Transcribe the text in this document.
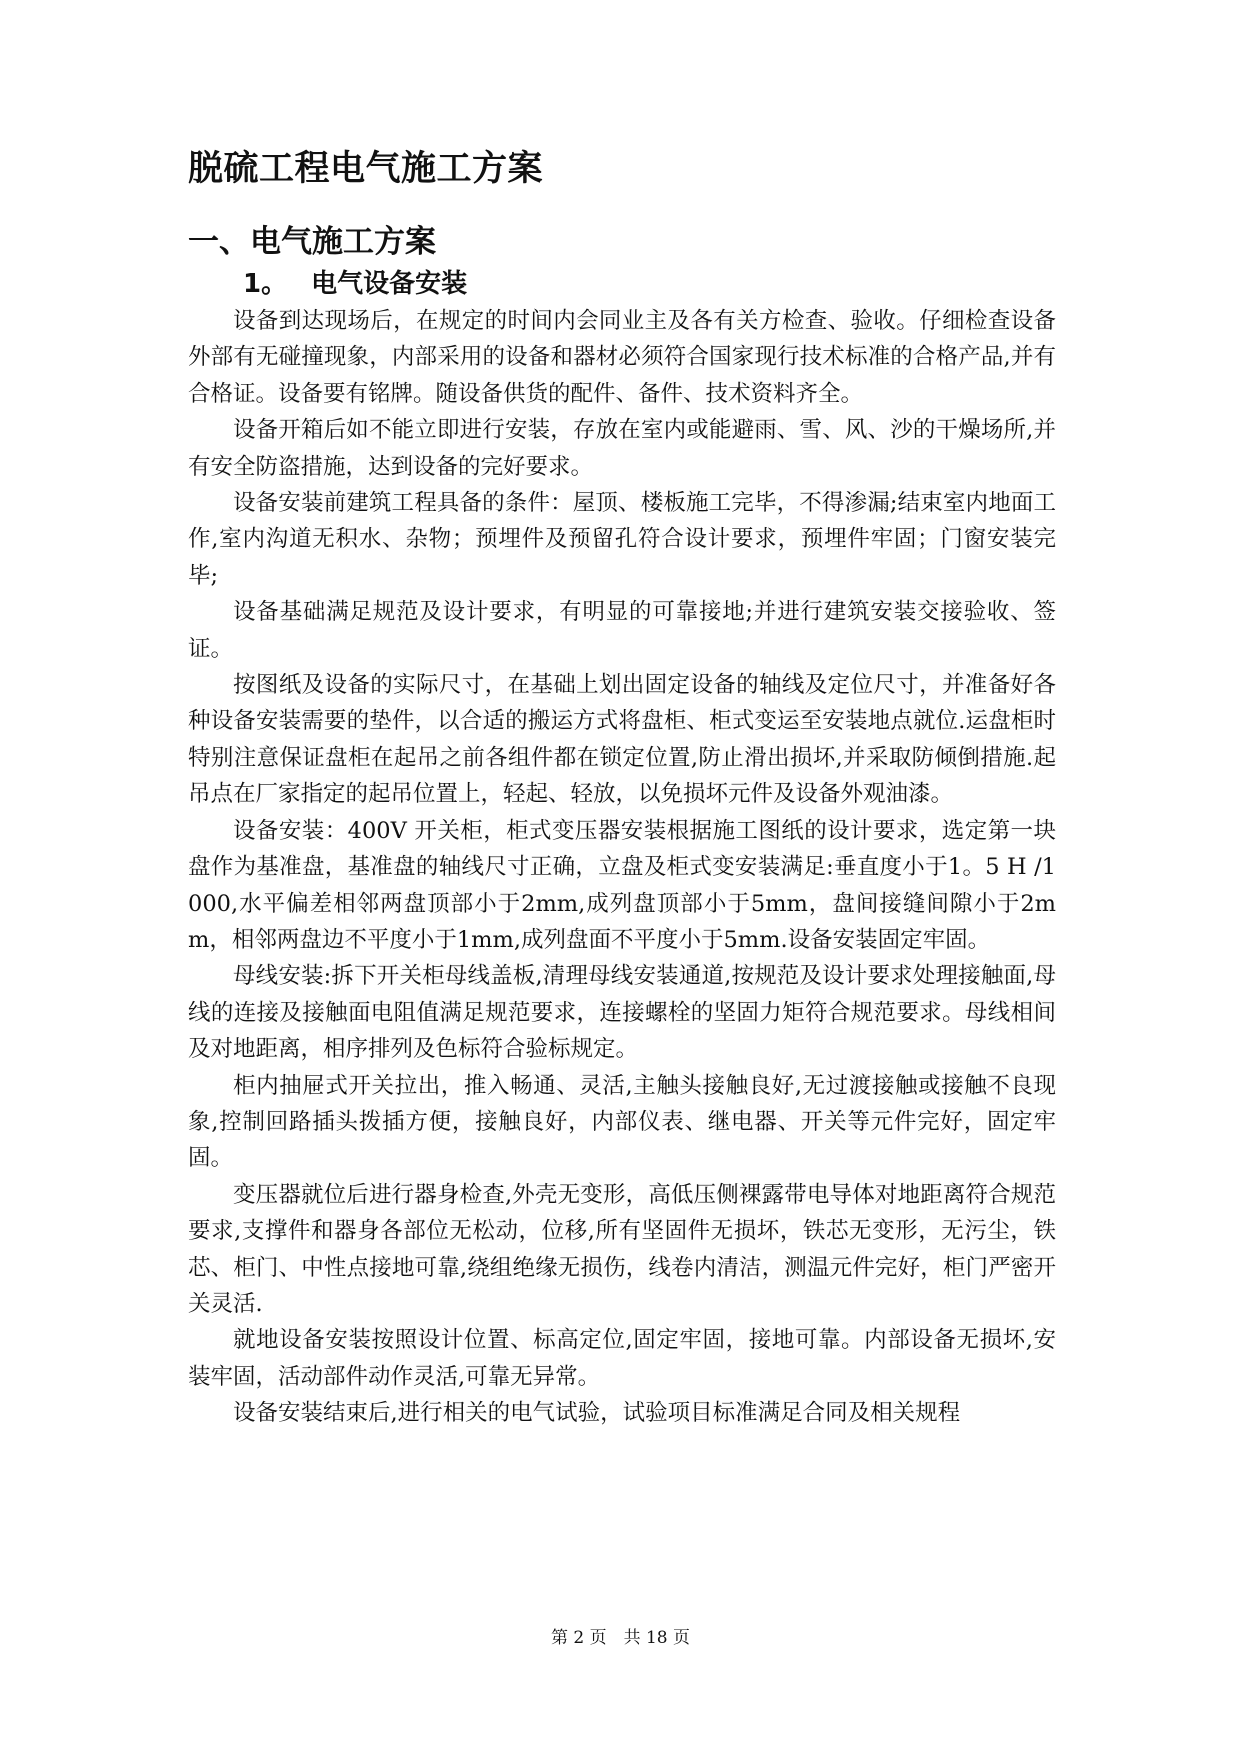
脱硫工程电气施工方案
一、电气施工方案
1。 电气设备安装

设备到达现场后，在规定的时间内会同业主及各有关方检查、验收。仔细检查设备外部有无碰撞现象，内部采用的设备和器材必须符合国家现行技术标准的合格产品,并有合格证。设备要有铭牌。随设备供货的配件、备件、技术资料齐全。

设备开箱后如不能立即进行安装，存放在室内或能避雨、雪、风、沙的干燥场所,并有安全防盗措施，达到设备的完好要求。

设备安装前建筑工程具备的条件：屋顶、楼板施工完毕，不得渗漏;结束室内地面工作,室内沟道无积水、杂物；预埋件及预留孔符合设计要求，预埋件牢固；门窗安装完毕;

设备基础满足规范及设计要求，有明显的可靠接地;并进行建筑安装交接验收、签证。

按图纸及设备的实际尺寸，在基础上划出固定设备的轴线及定位尺寸，并准备好各种设备安装需要的垫件，以合适的搬运方式将盘柜、柜式变运至安装地点就位.运盘柜时特别注意保证盘柜在起吊之前各组件都在锁定位置,防止滑出损坏,并采取防倾倒措施.起吊点在厂家指定的起吊位置上，轻起、轻放，以免损坏元件及设备外观油漆。

设备安装：400V 开关柜，柜式变压器安装根据施工图纸的设计要求，选定第一块盘作为基准盘，基准盘的轴线尺寸正确，立盘及柜式变安装满足:垂直度小于1。5 H /1000,水平偏差相邻两盘顶部小于2mm,成列盘顶部小于5mm，盘间接缝间隙小于2mm，相邻两盘边不平度小于1mm,成列盘面不平度小于5mm.设备安装固定牢固。

母线安装:拆下开关柜母线盖板,清理母线安装通道,按规范及设计要求处理接触面,母线的连接及接触面电阻值满足规范要求，连接螺栓的坚固力矩符合规范要求。母线相间及对地距离，相序排列及色标符合验标规定。

柜内抽屉式开关拉出，推入畅通、灵活,主触头接触良好,无过渡接触或接触不良现象,控制回路插头拨插方便，接触良好，内部仪表、继电器、开关等元件完好，固定牢固。

变压器就位后进行器身检查,外壳无变形，高低压侧裸露带电导体对地距离符合规范要求,支撑件和器身各部位无松动，位移,所有坚固件无损坏，铁芯无变形，无污尘，铁芯、柜门、中性点接地可靠,绕组绝缘无损伤，线卷内清洁，测温元件完好，柜门严密开关灵活.

就地设备安装按照设计位置、标高定位,固定牢固，接地可靠。内部设备无损坏,安装牢固，活动部件动作灵活,可靠无异常。

设备安装结束后,进行相关的电气试验，试验项目标准满足合同及相关规程

第 2 页　共 18 页
